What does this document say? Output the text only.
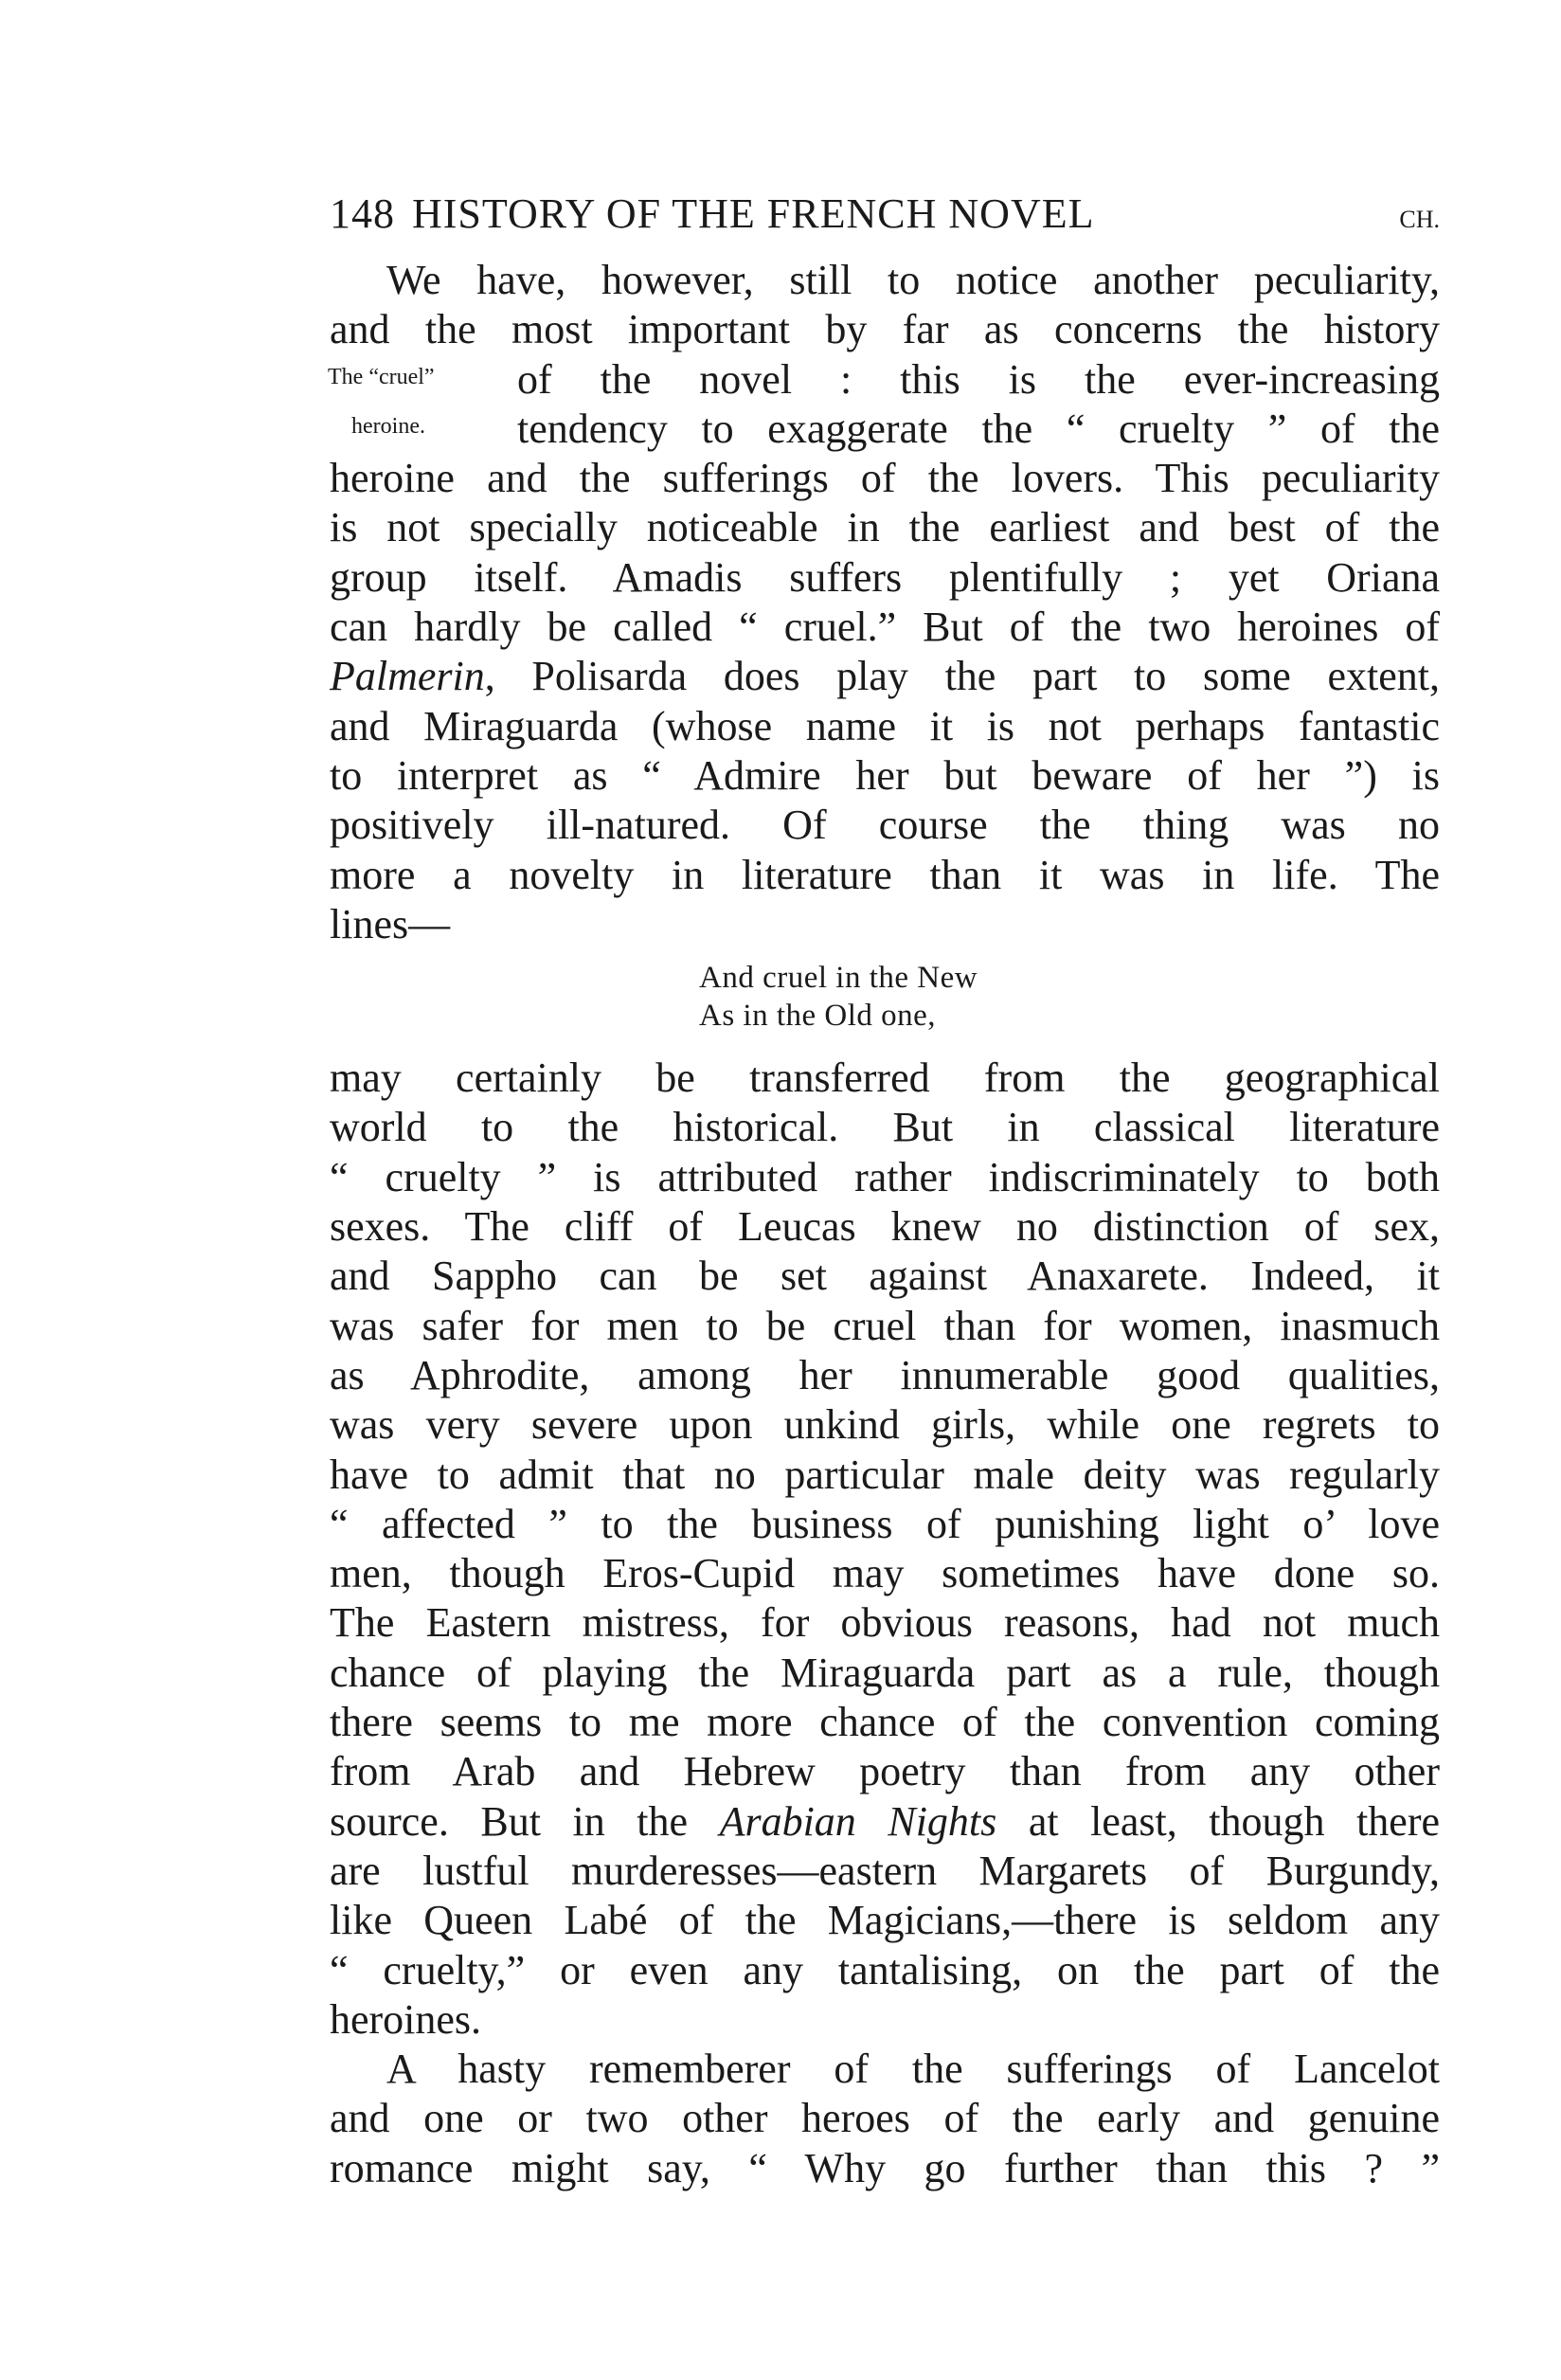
148 HISTORY OF THE FRENCH NOVEL	CH.
We have, however, still to notice another peculiarity,
and the most important by far as concerns the history
of the novel : this is the ever-increasing
tendency to exaggerate the “ cruelty ” of the
The “cruel”
heroine.
heroine and the sufferings of the lovers. This peculiarity
is not specially noticeable in the earliest and best of the
group itself. Amadis suffers plentifully ; yet Oriana
can hardly be called “ cruel.” But of the two heroines of
Palmerin, Polisarda does play the part to some extent,
and Miraguarda (whose name it is not perhaps fantastic
to interpret as “ Admire her but beware of her ”) is
positively ill-natured. Of course the thing was no
more a novelty in literature than it was in life. The
lines—
And cruel in the New
As in the Old one,
may certainly be transferred from the geographical
world to the historical. But in classical literature
“ cruelty ” is attributed rather indiscriminately to both
sexes. The cliff of Leucas knew no distinction of sex,
and Sappho can be set against Anaxarete. Indeed, it
was safer for men to be cruel than for women, inasmuch
as Aphrodite, among her innumerable good qualities,
was very severe upon unkind girls, while one regrets to
have to admit that no particular male deity was regularly
“ affected ” to the business of punishing light o’ love
men, though Eros-Cupid may sometimes have done so.
The Eastern mistress, for obvious reasons, had not much
chance of playing the Miraguarda part as a rule, though
there seems to me more chance of the convention coming
from Arab and Hebrew poetry than from any other
source. But in the Arabian Nights at least, though there
are lustful murderesses—eastern Margarets of Burgundy,
like Queen Labé of the Magicians,—there is seldom any
“ cruelty,” or even any tantalising, on the part of the
heroines.
A hasty rememberer of the sufferings of Lancelot
and one or two other heroes of the early and genuine
romance might say, “ Why go further than this ? ”
